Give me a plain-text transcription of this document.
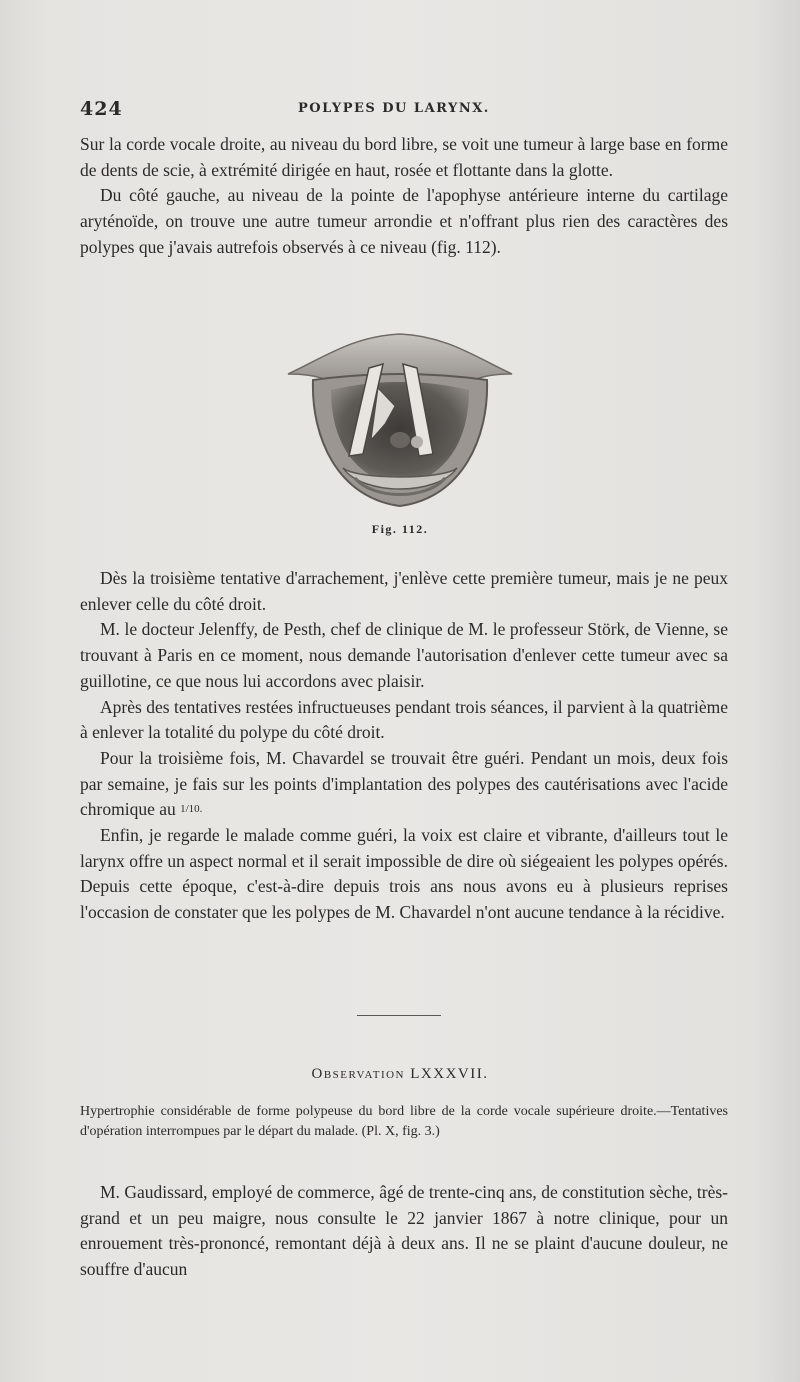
424	POLYPES DU LARYNX.

Sur la corde vocale droite, au niveau du bord libre, se voit une tumeur à large base en forme de dents de scie, à extrémité dirigée en haut, rosée et flottante dans la glotte.

Du côté gauche, au niveau de la pointe de l'apophyse antérieure interne du cartilage aryténoïde, on trouve une autre tumeur arrondie et n'offrant plus rien des caractères des polypes que j'avais autrefois observés à ce niveau (fig. 112).

Fig. 112.

Dès la troisième tentative d'arrachement, j'enlève cette première tumeur, mais je ne peux enlever celle du côté droit.

M. le docteur Jelenffy, de Pesth, chef de clinique de M. le professeur Störk, de Vienne, se trouvant à Paris en ce moment, nous demande l'autorisation d'enlever cette tumeur avec sa guillotine, ce que nous lui accordons avec plaisir.

Après des tentatives restées infructueuses pendant trois séances, il parvient à la quatrième à enlever la totalité du polype du côté droit.

Pour la troisième fois, M. Chavardel se trouvait être guéri. Pendant un mois, deux fois par semaine, je fais sur les points d'implantation des polypes des cautérisations avec l'acide chromique au 1/10.

Enfin, je regarde le malade comme guéri, la voix est claire et vibrante, d'ailleurs tout le larynx offre un aspect normal et il serait impossible de dire où siégeaient les polypes opérés. Depuis cette époque, c'est-à-dire depuis trois ans nous avons eu à plusieurs reprises l'occasion de constater que les polypes de M. Chavardel n'ont aucune tendance à la récidive.

Observation LXXXVII.

Hypertrophie considérable de forme polypeuse du bord libre de la corde vocale supérieure droite.—Tentatives d'opération interrompues par le départ du malade. (Pl. X, fig. 3.)

M. Gaudissard, employé de commerce, âgé de trente-cinq ans, de constitution sèche, très-grand et un peu maigre, nous consulte le 22 janvier 1867 à notre clinique, pour un enrouement très-prononcé, remontant déjà à deux ans. Il ne se plaint d'aucune douleur, ne souffre d'aucun
